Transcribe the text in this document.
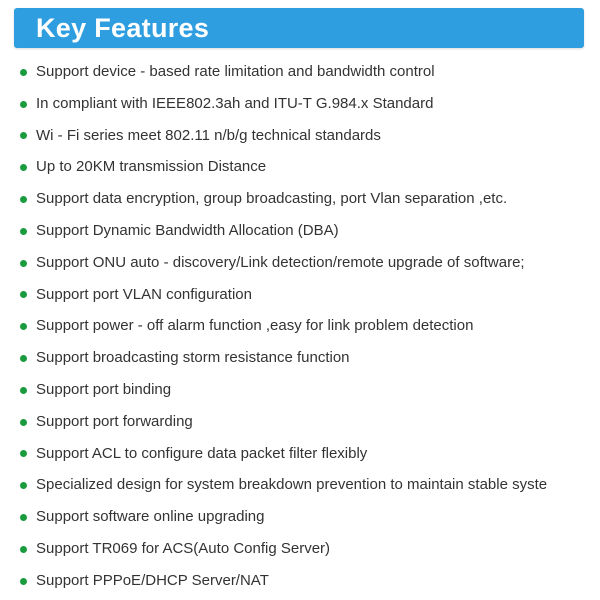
Key Features
Support device - based rate limitation and bandwidth control
In compliant with IEEE802.3ah and ITU-T G.984.x Standard
Wi - Fi series meet 802.11 n/b/g technical standards
Up to 20KM transmission Distance
Support data encryption, group broadcasting, port Vlan separation ,etc.
Support Dynamic Bandwidth Allocation (DBA)
Support ONU auto - discovery/Link detection/remote upgrade of software;
Support port VLAN configuration
Support power - off alarm function ,easy for link problem detection
Support broadcasting storm resistance function
Support port binding
Support port forwarding
Support ACL to configure data packet filter flexibly
Specialized design for system breakdown prevention to maintain stable syste
Support software online upgrading
Support TR069 for ACS(Auto Config Server)
Support PPPoE/DHCP Server/NAT
